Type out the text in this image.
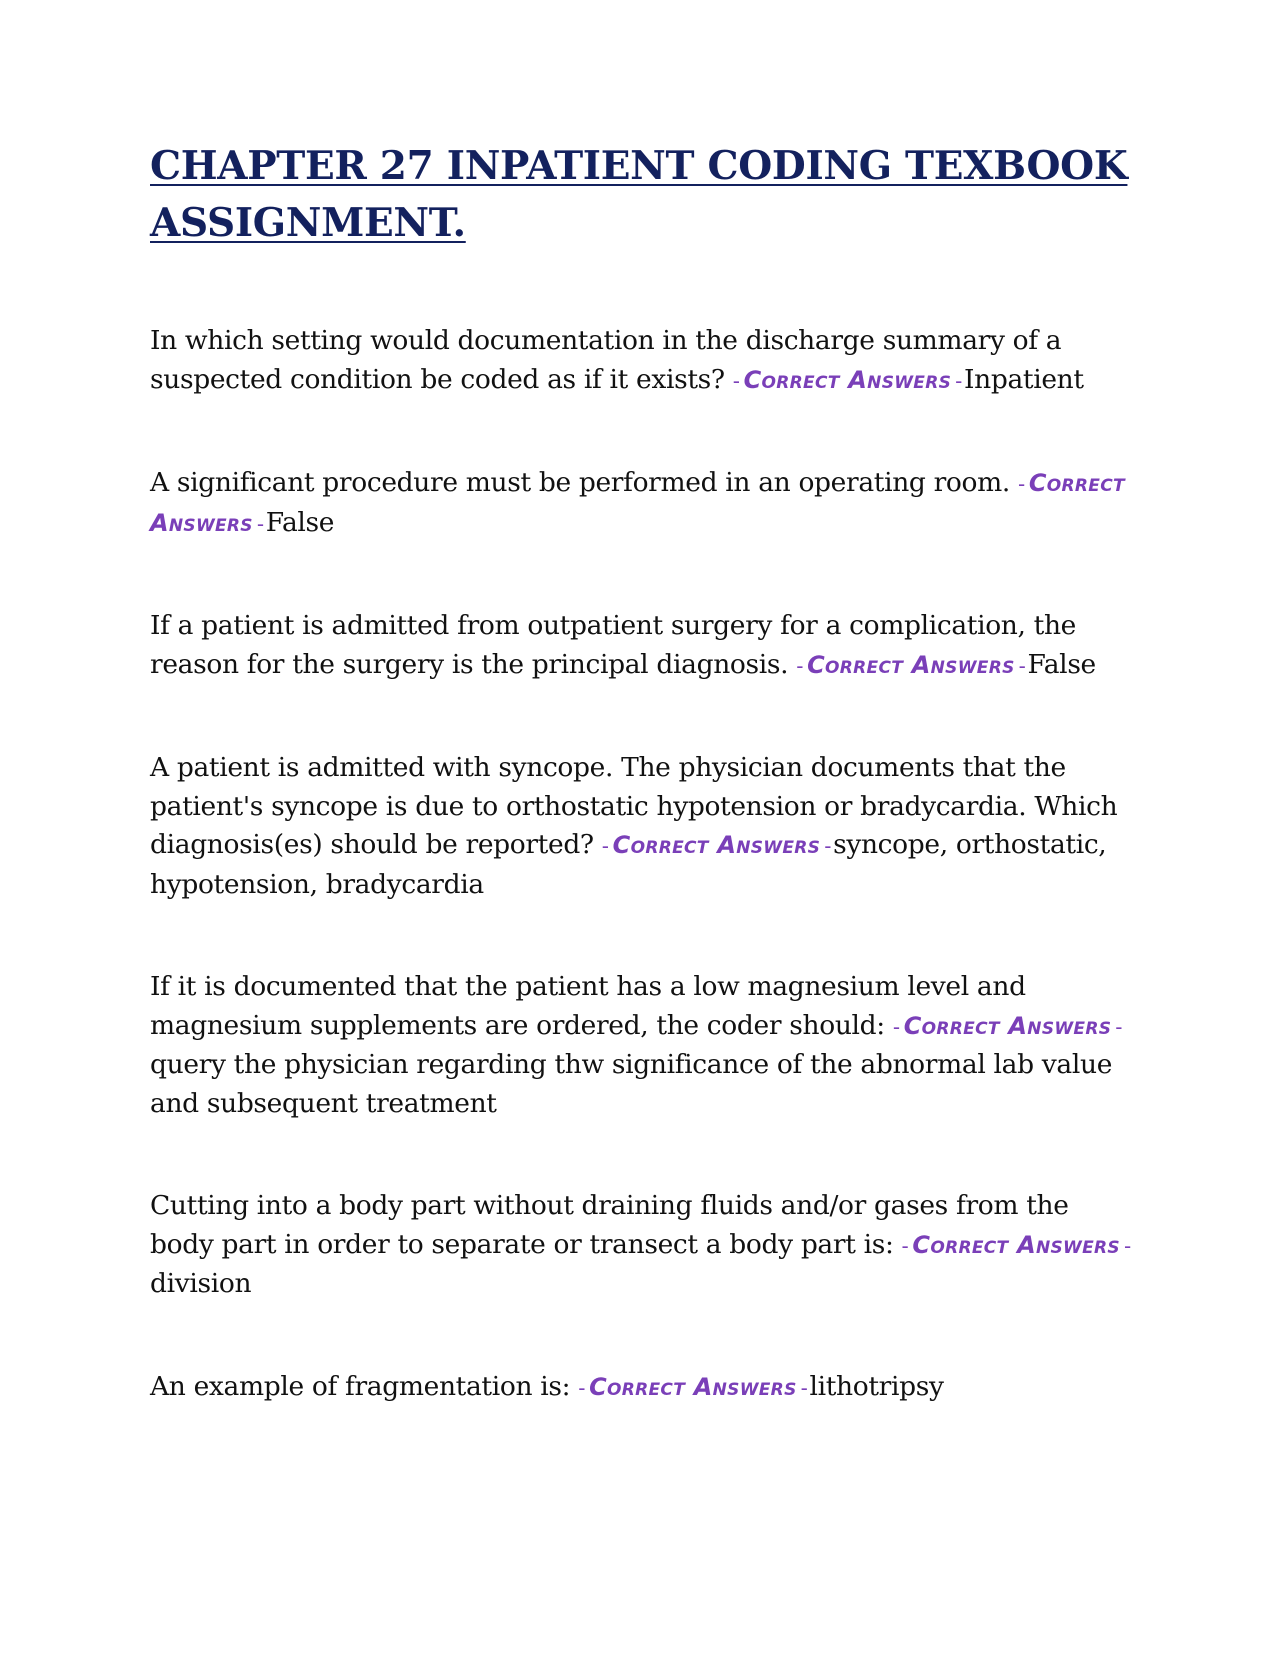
CHAPTER 27 INPATIENT CODING TEXBOOK ASSIGNMENT.
In which setting would documentation in the discharge summary of a suspected condition be coded as if it exists? - Correct Answers -Inpatient
A significant procedure must be performed in an operating room. - Correct Answers -False
If a patient is admitted from outpatient surgery for a complication, the reason for the surgery is the principal diagnosis. - Correct Answers -False
A patient is admitted with syncope. The physician documents that the patient's syncope is due to orthostatic hypotension or bradycardia. Which diagnosis(es) should be reported? - Correct Answers -syncope, orthostatic, hypotension, bradycardia
If it is documented that the patient has a low magnesium level and magnesium supplements are ordered, the coder should: - Correct Answers -query the physician regarding thw significance of the abnormal lab value and subsequent treatment
Cutting into a body part without draining fluids and/or gases from the body part in order to separate or transect a body part is: - Correct Answers -division
An example of fragmentation is: - Correct Answers -lithotripsy
